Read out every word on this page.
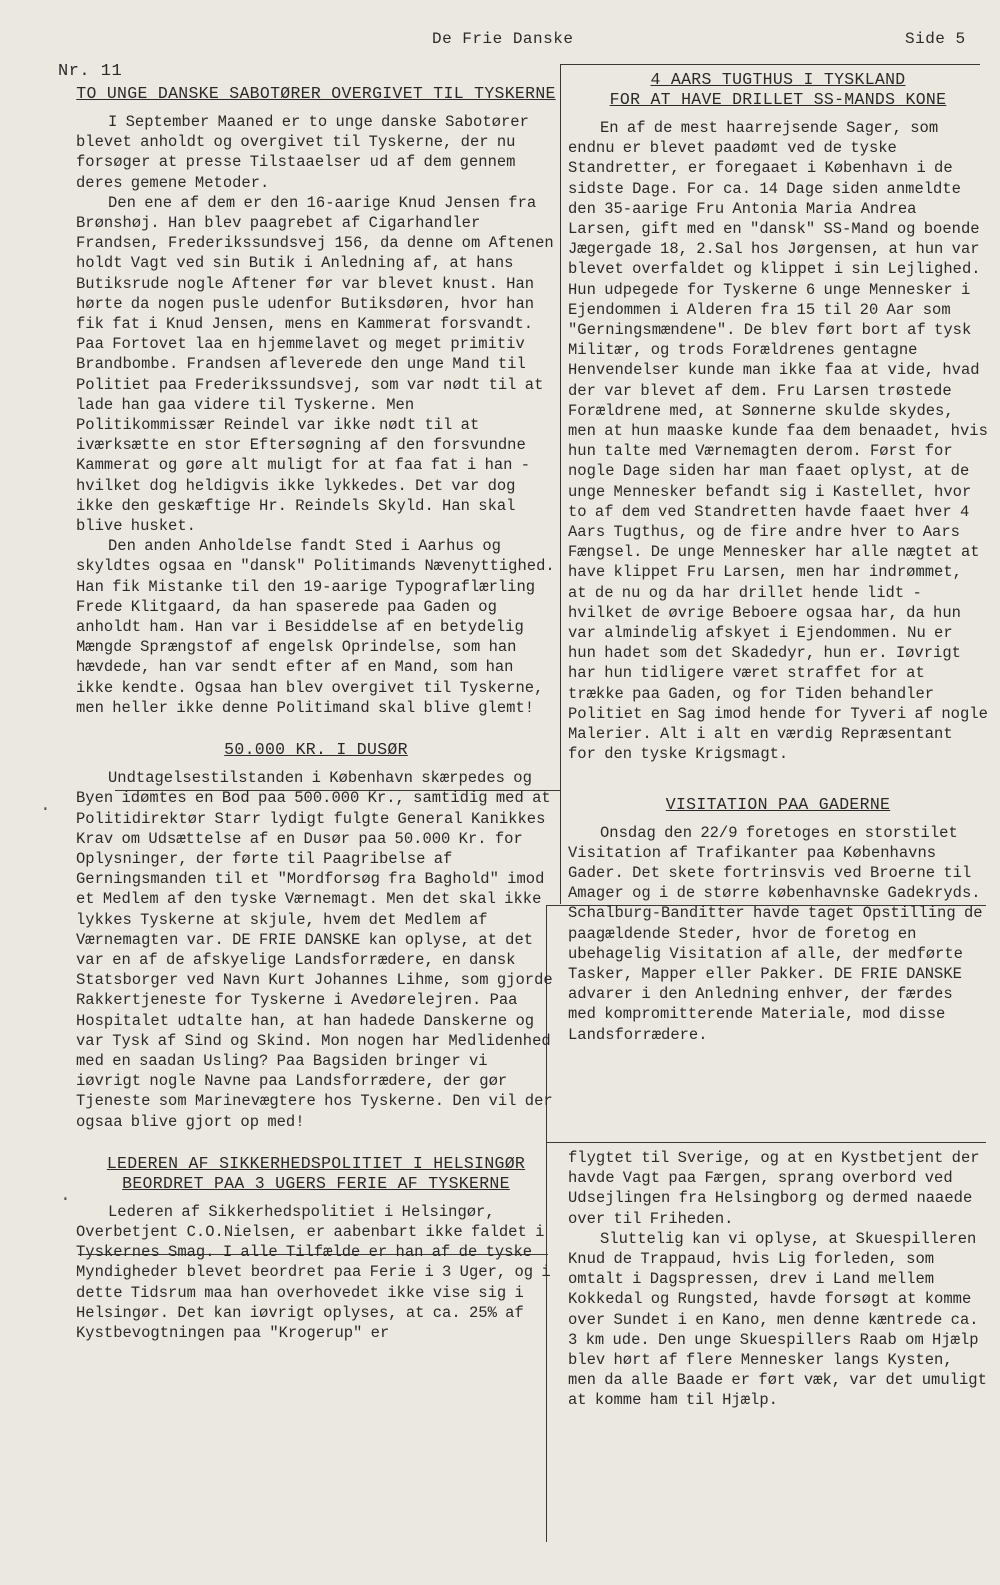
Nr. 11
De Frie Danske	Side 5
TO UNGE DANSKE SABOTØRER OVERGIVET TIL TYSKERNE

I September Maaned er to unge danske Sabotører blevet anholdt og overgivet til Tyskerne, der nu forsøger at presse Tilstaaelser ud af dem gennem deres gemene Metoder.

Den ene af dem er den 16-aarige Knud Jensen fra Brønshøj. Han blev paagrebet af Cigarhandler Frandsen, Frederikssundsvej 156, da denne om Aftenen holdt Vagt ved sin Butik i Anledning af, at hans Butiksrude nogle Aftener før var blevet knust. Han hørte da nogen pusle udenfor Butiksdøren, hvor han fik fat i Knud Jensen, mens en Kammerat forsvandt. Paa Fortovet laa en hjemmelavet og meget primitiv Brandbombe. Frandsen afleverede den unge Mand til Politiet paa Frederikssundsvej, som var nødt til at lade han gaa videre til Tyskerne. Men Politikommissær Reindel var ikke nødt til at iværksætte en stor Eftersøgning af den forsvundne Kammerat og gøre alt muligt for at faa fat i han - hvilket dog heldigvis ikke lykkedes. Det var dog ikke den geskæftige Hr. Reindels Skyld. Han skal blive husket.

Den anden Anholdelse fandt Sted i Aarhus og skyldtes ogsaa en "dansk" Politimands Nævenyttighed. Han fik Mistanke til den 19-aarige Typograflærling Frede Klitgaard, da han spaserede paa Gaden og anholdt ham. Han var i Besiddelse af en betydelig Mængde Sprængstof af engelsk Oprindelse, som han hævdede, han var sendt efter af en Mand, som han ikke kendte. Ogsaa han blev overgivet til Tyskerne, men heller ikke denne Politimand skal blive glemt!

50.000 KR. I DUSØR

Undtagelsestilstanden i København skærpedes og Byen idømtes en Bod paa 500.000 Kr., samtidig med at Politidirektør Starr lydigt fulgte General Kanikkes Krav om Udsættelse af en Dusør paa 50.000 Kr. for Oplysninger, der førte til Paagribelse af Gerningsmanden til et "Mordforsøg fra Baghold" imod et Medlem af den tyske Værnemagt. Men det skal ikke lykkes Tyskerne at skjule, hvem det Medlem af Værnemagten var. DE FRIE DANSKE kan oplyse, at det var en af de afskyelige Landsforrædere, en dansk Statsborger ved Navn Kurt Johannes Lihme, som gjorde Rakkertjeneste for Tyskerne i Avedørelejren. Paa Hospitalet udtalte han, at han hadede Danskerne og var Tysk af Sind og Skind. Mon nogen har Medlidenhed med en saadan Usling? Paa Bagsiden bringer vi iøvrigt nogle Navne paa Landsforrædere, der gør Tjeneste som Marinevægtere hos Tyskerne. Den vil der ogsaa blive gjort op med!

LEDEREN AF SIKKERHEDSPOLITIET I HELSINGØR
BEORDRET PAA 3 UGERS FERIE AF TYSKERNE

Lederen af Sikkerhedspolitiet i Helsingør, Overbetjent C.O.Nielsen, er aabenbart ikke faldet i Tyskernes Smag. I alle Tilfælde er han af de tyske Myndigheder blevet beordret paa Ferie i 3 Uger, og i dette Tidsrum maa han overhovedet ikke vise sig i Helsingør. Det kan iøvrigt oplyses, at ca. 25% af Kystbevogtningen paa "Krogerup" er

4 AARS TUGTHUS I TYSKLAND
FOR AT HAVE DRILLET SS-MANDS KONE

En af de mest haarrejsende Sager, som endnu er blevet paadømt ved de tyske Standretter, er foregaaet i København i de sidste Dage. For ca. 14 Dage siden anmeldte den 35-aarige Fru Antonia Maria Andrea Larsen, gift med en "dansk" SS-Mand og boende Jægergade 18, 2.Sal hos Jørgensen, at hun var blevet overfaldet og klippet i sin Lejlighed. Hun udpegede for Tyskerne 6 unge Mennesker i Ejendommen i Alderen fra 15 til 20 Aar som "Gerningsmændene". De blev ført bort af tysk Militær, og trods Forældrenes gentagne Henvendelser kunde man ikke faa at vide, hvad der var blevet af dem. Fru Larsen trøstede Forældrene med, at Sønnerne skulde skydes, men at hun maaske kunde faa dem benaadet, hvis hun talte med Værnemagten derom. Først for nogle Dage siden har man faaet oplyst, at de unge Mennesker befandt sig i Kastellet, hvor to af dem ved Standretten havde faaet hver 4 Aars Tugthus, og de fire andre hver to Aars Fængsel. De unge Mennesker har alle nægtet at have klippet Fru Larsen, men har indrømmet, at de nu og da har drillet hende lidt - hvilket de øvrige Beboere ogsaa har, da hun var almindelig afskyet i Ejendommen. Nu er hun hadet som det Skadedyr, hun er. Iøvrigt har hun tidligere været straffet for at trække paa Gaden, og for Tiden behandler Politiet en Sag imod hende for Tyveri af nogle Malerier. Alt i alt en værdig Repræsentant for den tyske Krigsmagt.

VISITATION PAA GADERNE

Onsdag den 22/9 foretoges en storstilet Visitation af Trafikanter paa Københavns Gader. Det skete fortrinsvis ved Broerne til Amager og i de større københavnske Gadekryds. Schalburg-Banditter havde taget Opstilling de paagældende Steder, hvor de foretog en ubehagelig Visitation af alle, der medførte Tasker, Mapper eller Pakker. DE FRIE DANSKE advarer i den Anledning enhver, der færdes med kompromitterende Materiale, mod disse Landsforrædere.

flygtet til Sverige, og at en Kystbetjent der havde Vagt paa Færgen, sprang overbord ved Udsejlingen fra Helsingborg og dermed naaede over til Friheden.

Sluttelig kan vi oplyse, at Skuespilleren Knud de Trappaud, hvis Lig forleden, som omtalt i Dagspressen, drev i Land mellem Kokkedal og Rungsted, havde forsøgt at komme over Sundet i en Kano, men denne kæntrede ca. 3 km ude. Den unge Skuespillers Raab om Hjælp blev hørt af flere Mennesker langs Kysten, men da alle Baade er ført væk, var det umuligt at komme ham til Hjælp.

·
·
